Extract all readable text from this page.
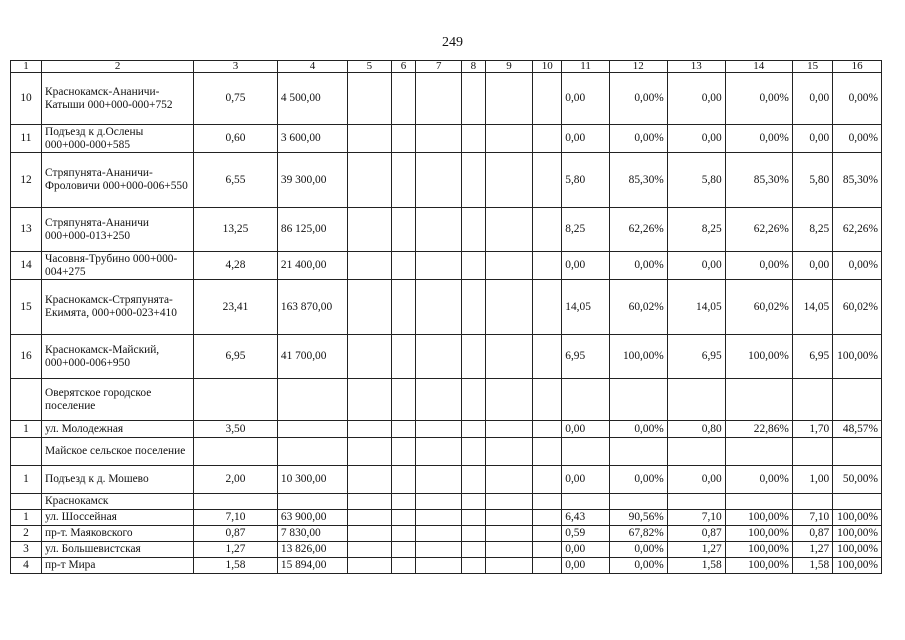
249
1	2	3	4	5	6	7	8	9	10	11	12	13	14	15	16
10	Краснокамск-Ананичи-Катыши 000+000-000+752	0,75	4 500,00							0,00	0,00%	0,00	0,00%	0,00	0,00%
11	Подъезд к д.Ослены 000+000-000+585	0,60	3 600,00							0,00	0,00%	0,00	0,00%	0,00	0,00%
12	Стряпунята-Ананичи-Фроловичи 000+000-006+550	6,55	39 300,00							5,80	85,30%	5,80	85,30%	5,80	85,30%
13	Стряпунята-Ананичи 000+000-013+250	13,25	86 125,00							8,25	62,26%	8,25	62,26%	8,25	62,26%
14	Часовня-Трубино 000+000-004+275	4,28	21 400,00							0,00	0,00%	0,00	0,00%	0,00	0,00%
15	Краснокамск-Стряпунята-Екимята, 000+000-023+410	23,41	163 870,00							14,05	60,02%	14,05	60,02%	14,05	60,02%
16	Краснокамск-Майский, 000+000-006+950	6,95	41 700,00							6,95	100,00%	6,95	100,00%	6,95	100,00%
	Оверятское городское поселение														
1	ул. Молодежная	3,50								0,00	0,00%	0,80	22,86%	1,70	48,57%
	Майское сельское поселение														
1	Подъезд к д. Мошево	2,00	10 300,00							0,00	0,00%	0,00	0,00%	1,00	50,00%
	Краснокамск														
1	ул. Шоссейная	7,10	63 900,00							6,43	90,56%	7,10	100,00%	7,10	100,00%
2	пр-т. Маяковского	0,87	7 830,00							0,59	67,82%	0,87	100,00%	0,87	100,00%
3	ул. Большевистская	1,27	13 826,00							0,00	0,00%	1,27	100,00%	1,27	100,00%
4	пр-т Мира	1,58	15 894,00							0,00	0,00%	1,58	100,00%	1,58	100,00%
